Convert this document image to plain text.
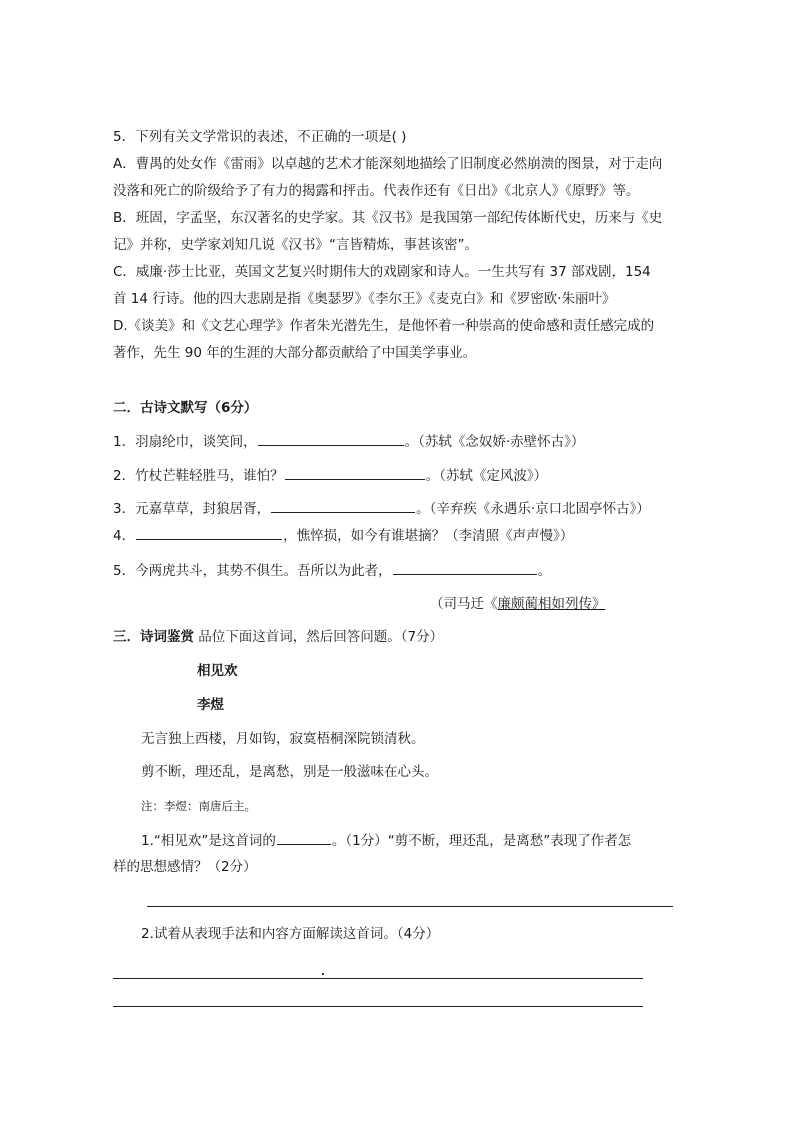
5．下列有关文学常识的表述，不正确的一项是( )
A．曹禺的处女作《雷雨》以卓越的艺术才能深刻地描绘了旧制度必然崩溃的图景，对于走向
没落和死亡的阶级给予了有力的揭露和抨击。代表作还有《日出》《北京人》《原野》等。
B．班固，字孟坚，东汉著名的史学家。其《汉书》是我国第一部纪传体断代史，历来与《史
记》并称，史学家刘知几说《汉书》“言皆精炼，事甚该密”。
C．威廉·莎士比亚，英国文艺复兴时期伟大的戏剧家和诗人。一生共写有 37 部戏剧，154
首 14 行诗。他的四大悲剧是指《奥瑟罗》《李尔王》《麦克白》和《罗密欧·朱丽叶》
D.《谈美》和《文艺心理学》作者朱光潜先生，是他怀着一种崇高的使命感和责任感完成的
著作，先生 90 年的生涯的大部分都贡献给了中国美学事业。
二．古诗文默写（6分）
1．羽扇纶巾，谈笑间，	。（苏轼《念奴娇·赤壁怀古》）
2．竹杖芒鞋轻胜马，谁怕？	。（苏轼《定风波》）
3．元嘉草草，封狼居胥，	。（辛弃疾《永遇乐·京口北固亭怀古》）
4．	，憔悴损，如今有谁堪摘？（李清照《声声慢》）
5．今两虎共斗，其势不俱生。吾所以为此者，	。
（司马迁《廉颇蔺相如列传》
三．诗词鉴赏 品位下面这首词，然后回答问题。（7分）
相见欢
李煜
无言独上西楼，月如钩，寂寞梧桐深院锁清秋。
剪不断，理还乱，是离愁，别是一般滋味在心头。
注：李煜：南唐后主。
1.“相见欢”是这首词的	。（1分）“剪不断，理还乱，是离愁”表现了作者怎
样的思想感情？（2分）
2.试着从表现手法和内容方面解读这首词。（4分）
